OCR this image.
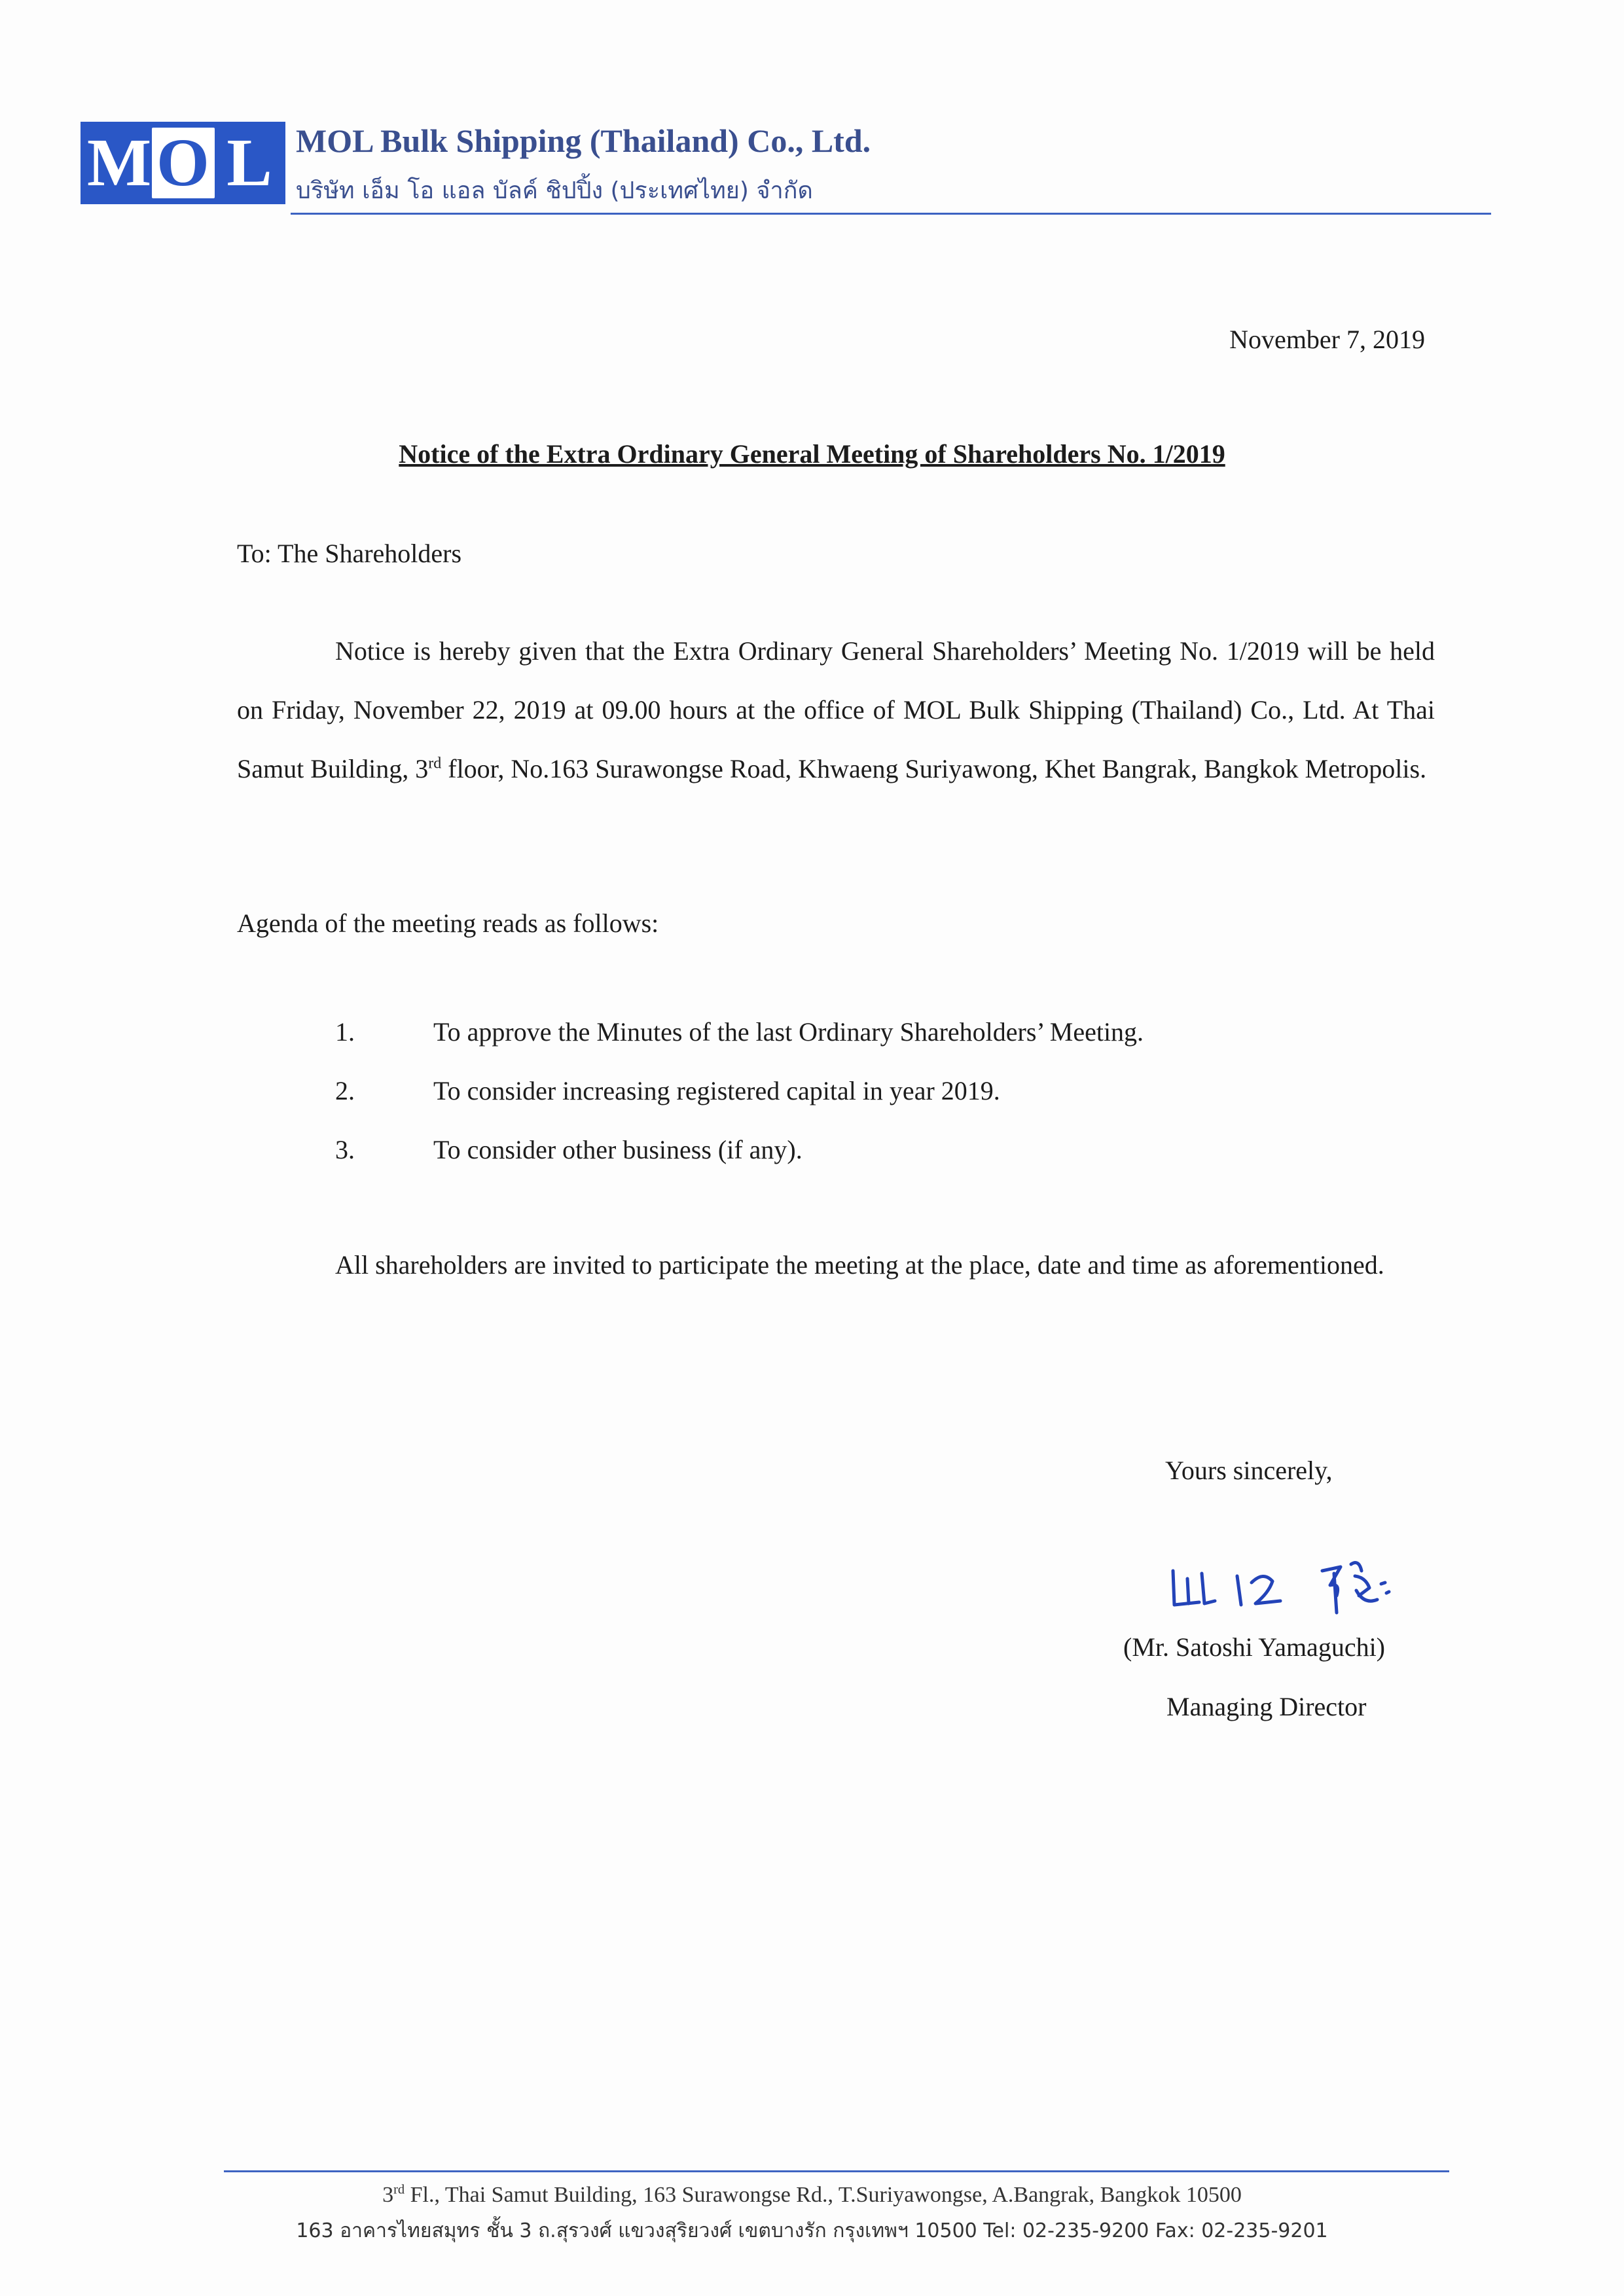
M O L MOL Bulk Shipping (Thailand) Co., Ltd.
บริษัท เอ็ม โอ แอล บัลค์ ชิปปิ้ง (ประเทศไทย) จำกัด
November 7, 2019
Notice of the Extra Ordinary General Meeting of Shareholders No. 1/2019
To: The Shareholders
Notice is hereby given that the Extra Ordinary General Shareholders’ Meeting No. 1/2019 will be held on Friday, November 22, 2019 at 09.00 hours at the office of MOL Bulk Shipping (Thailand) Co., Ltd. At Thai Samut Building, 3rd floor, No.163 Surawongse Road, Khwaeng Suriyawong, Khet Bangrak, Bangkok Metropolis.
Agenda of the meeting reads as follows:
1.	To approve the Minutes of the last Ordinary Shareholders’ Meeting.
2.	To consider increasing registered capital in year 2019.
3.	To consider other business (if any).
All shareholders are invited to participate the meeting at the place, date and time as aforementioned.
Yours sincerely,
(Mr. Satoshi Yamaguchi)
Managing Director
3rd Fl., Thai Samut Building, 163 Surawongse Rd., T.Suriyawongse, A.Bangrak, Bangkok 10500
163 อาคารไทยสมุทร ชั้น 3 ถ.สุรวงศ์ แขวงสุริยวงศ์ เขตบางรัก กรุงเทพฯ 10500 Tel: 02-235-9200 Fax: 02-235-9201
